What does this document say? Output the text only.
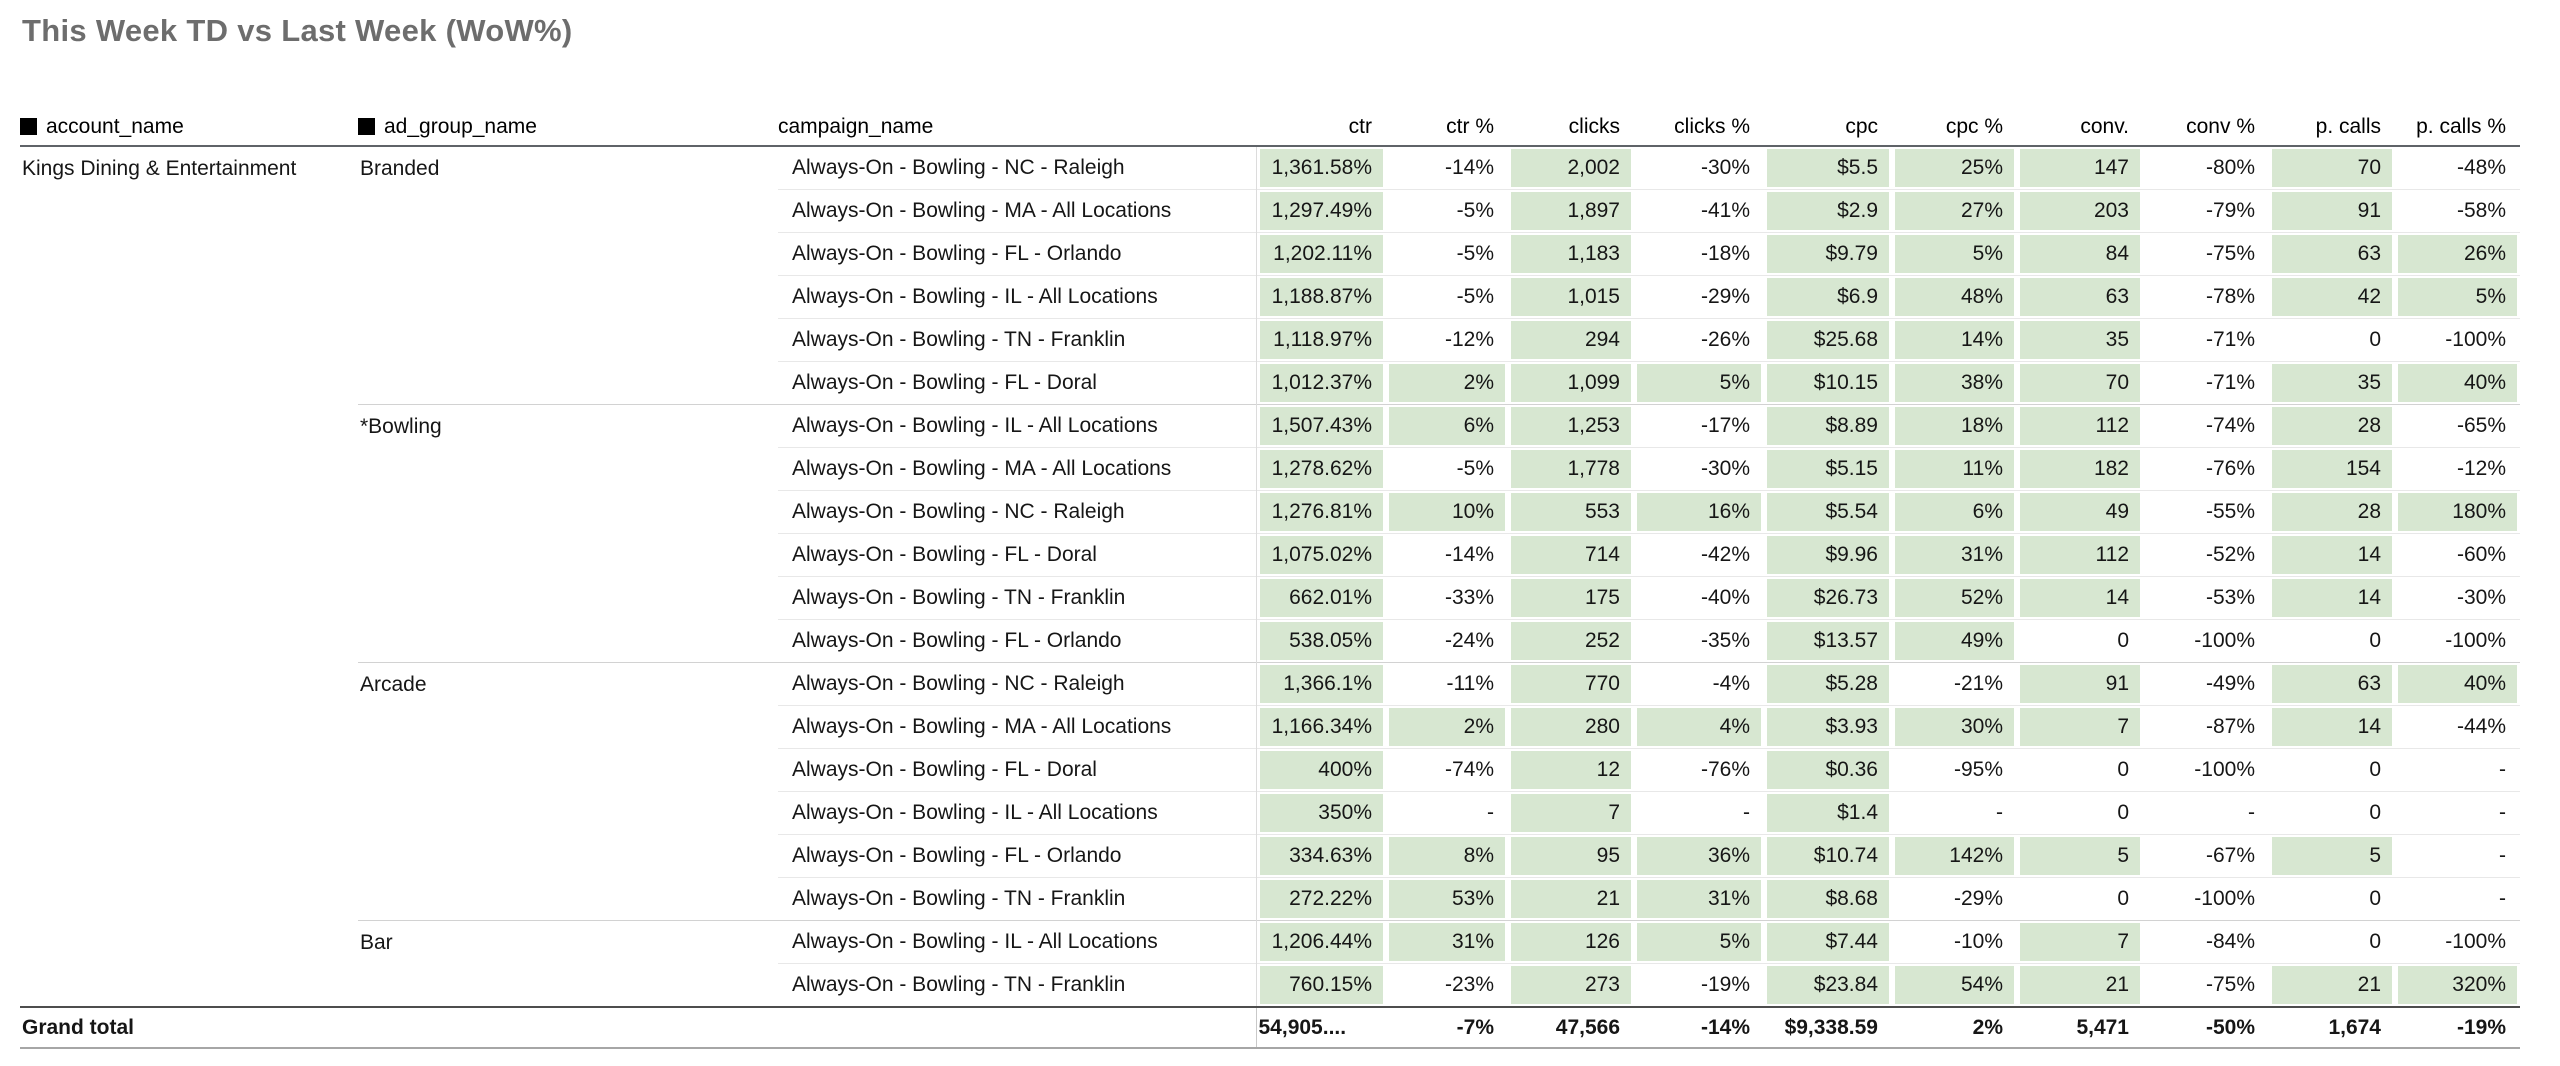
This Week TD vs Last Week (WoW%)
account_name	ad_group_name	campaign_name	ctr	ctr %	clicks	clicks %	cpc	cpc %	conv.	conv %	p. calls	p. calls %
Kings Dining & Entertainment	Branded	Always-On - Bowling - NC - Raleigh	1,361.58%	-14%	2,002	-30%	$5.5	25%	147	-80%	70	-48%

		Always-On - Bowling - MA - All Locations	1,297.49%	-5%	1,897	-41%	$2.9	27%	203	-79%	91	-58%

		Always-On - Bowling - FL - Orlando	1,202.11%	-5%	1,183	-18%	$9.79	5%	84	-75%	63	26%

		Always-On - Bowling - IL - All Locations	1,188.87%	-5%	1,015	-29%	$6.9	48%	63	-78%	42	5%

		Always-On - Bowling - TN - Franklin	1,118.97%	-12%	294	-26%	$25.68	14%	35	-71%	0	-100%

		Always-On - Bowling - FL - Doral	1,012.37%	2%	1,099	5%	$10.15	38%	70	-71%	35	40%

	*Bowling	Always-On - Bowling - IL - All Locations	1,507.43%	6%	1,253	-17%	$8.89	18%	112	-74%	28	-65%

		Always-On - Bowling - MA - All Locations	1,278.62%	-5%	1,778	-30%	$5.15	11%	182	-76%	154	-12%

		Always-On - Bowling - NC - Raleigh	1,276.81%	10%	553	16%	$5.54	6%	49	-55%	28	180%

		Always-On - Bowling - FL - Doral	1,075.02%	-14%	714	-42%	$9.96	31%	112	-52%	14	-60%

		Always-On - Bowling - TN - Franklin	662.01%	-33%	175	-40%	$26.73	52%	14	-53%	14	-30%

		Always-On - Bowling - FL - Orlando	538.05%	-24%	252	-35%	$13.57	49%	0	-100%	0	-100%

	Arcade	Always-On - Bowling - NC - Raleigh	1,366.1%	-11%	770	-4%	$5.28	-21%	91	-49%	63	40%

		Always-On - Bowling - MA - All Locations	1,166.34%	2%	280	4%	$3.93	30%	7	-87%	14	-44%

		Always-On - Bowling - FL - Doral	400%	-74%	12	-76%	$0.36	-95%	0	-100%	0	-

		Always-On - Bowling - IL - All Locations	350%	-	7	-	$1.4	-	0	-	0	-

		Always-On - Bowling - FL - Orlando	334.63%	8%	95	36%	$10.74	142%	5	-67%	5	-

		Always-On - Bowling - TN - Franklin	272.22%	53%	21	31%	$8.68	-29%	0	-100%	0	-

	Bar	Always-On - Bowling - IL - All Locations	1,206.44%	31%	126	5%	$7.44	-10%	7	-84%	0	-100%

		Always-On - Bowling - TN - Franklin	760.15%	-23%	273	-19%	$23.84	54%	21	-75%	21	320%

Grand total			54,905....	-7%	47,566	-14%	$9,338.59	2%	5,471	-50%	1,674	-19%
